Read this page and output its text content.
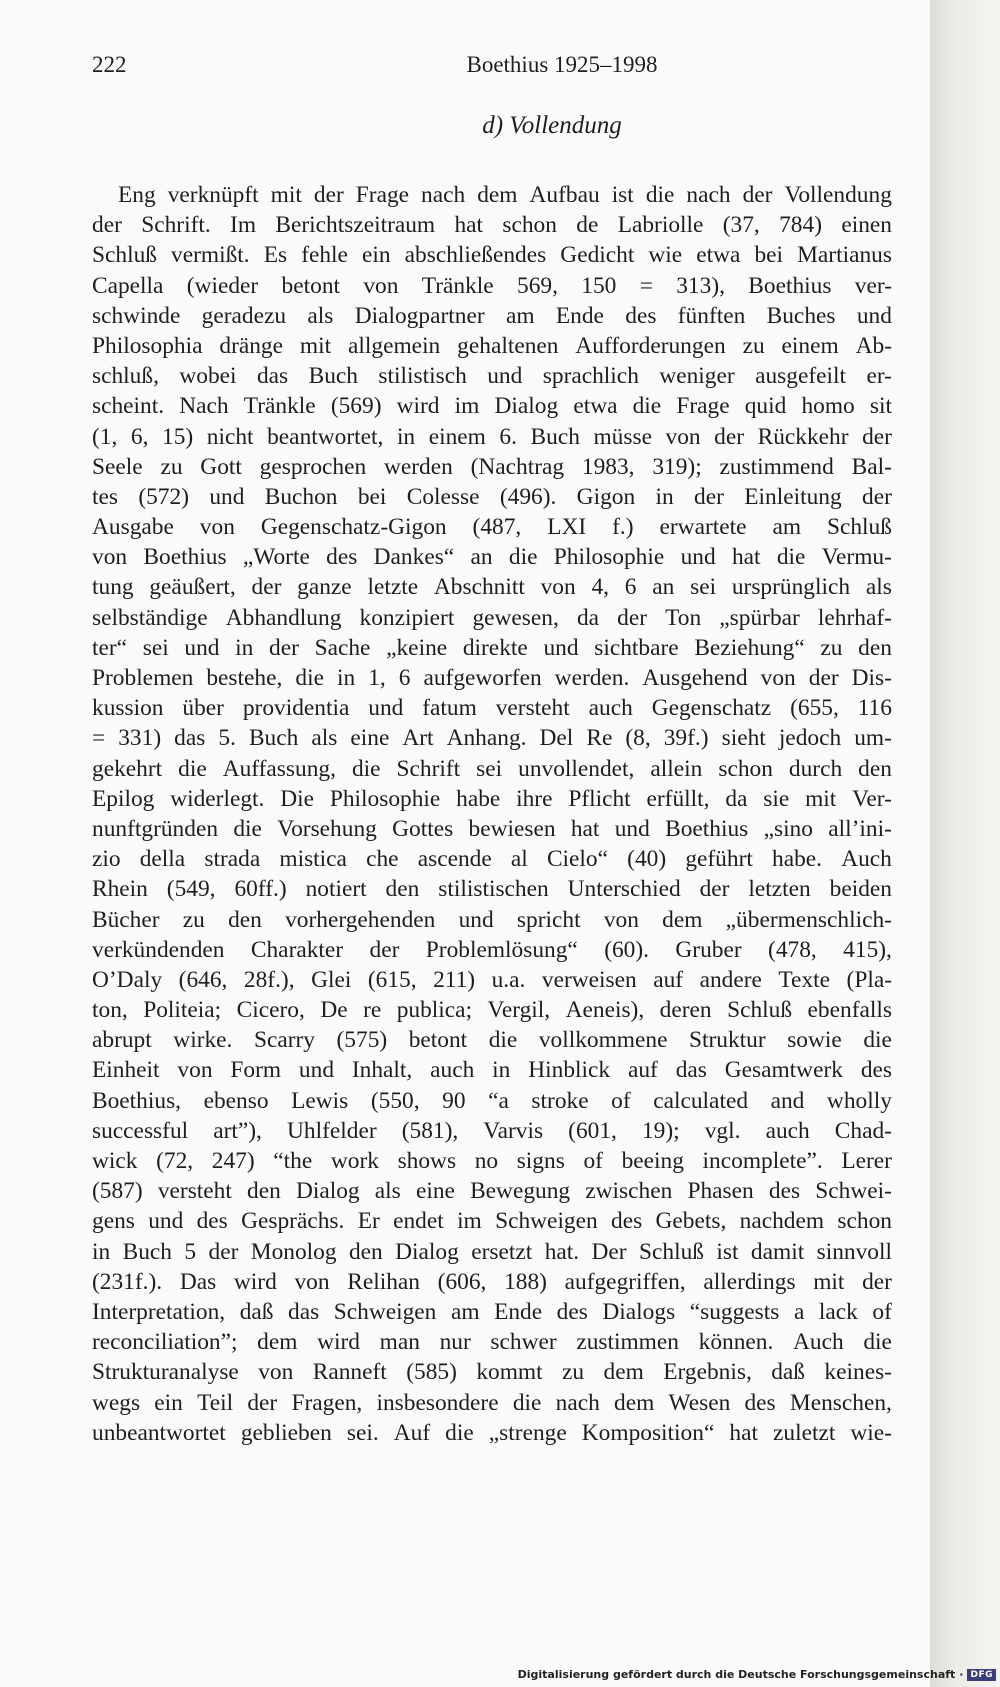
222	Boethius 1925–1998
d) Vollendung
Eng verknüpft mit der Frage nach dem Aufbau ist die nach der Vollendung
der Schrift. Im Berichtszeitraum hat schon de Labriolle (37, 784) einen
Schluß vermißt. Es fehle ein abschließendes Gedicht wie etwa bei Martianus
Capella (wieder betont von Tränkle 569, 150 = 313), Boethius ver-
schwinde geradezu als Dialogpartner am Ende des fünften Buches und
Philosophia dränge mit allgemein gehaltenen Aufforderungen zu einem Ab-
schluß, wobei das Buch stilistisch und sprachlich weniger ausgefeilt er-
scheint. Nach Tränkle (569) wird im Dialog etwa die Frage quid homo sit
(1, 6, 15) nicht beantwortet, in einem 6. Buch müsse von der Rückkehr der
Seele zu Gott gesprochen werden (Nachtrag 1983, 319); zustimmend Bal-
tes (572) und Buchon bei Colesse (496). Gigon in der Einleitung der
Ausgabe von Gegenschatz-Gigon (487, LXI f.) erwartete am Schluß
von Boethius „Worte des Dankes“ an die Philosophie und hat die Vermu-
tung geäußert, der ganze letzte Abschnitt von 4, 6 an sei ursprünglich als
selbständige Abhandlung konzipiert gewesen, da der Ton „spürbar lehrhaf-
ter“ sei und in der Sache „keine direkte und sichtbare Beziehung“ zu den
Problemen bestehe, die in 1, 6 aufgeworfen werden. Ausgehend von der Dis-
kussion über providentia und fatum versteht auch Gegenschatz (655, 116
= 331) das 5. Buch als eine Art Anhang. Del Re (8, 39f.) sieht jedoch um-
gekehrt die Auffassung, die Schrift sei unvollendet, allein schon durch den
Epilog widerlegt. Die Philosophie habe ihre Pflicht erfüllt, da sie mit Ver-
nunftgründen die Vorsehung Gottes bewiesen hat und Boethius „sino all’ini-
zio della strada mistica che ascende al Cielo“ (40) geführt habe. Auch
Rhein (549, 60ff.) notiert den stilistischen Unterschied der letzten beiden
Bücher zu den vorhergehenden und spricht von dem „übermenschlich-
verkündenden Charakter der Problemlösung“ (60). Gruber (478, 415),
O’Daly (646, 28f.), Glei (615, 211) u.a. verweisen auf andere Texte (Pla-
ton, Politeia; Cicero, De re publica; Vergil, Aeneis), deren Schluß ebenfalls
abrupt wirke. Scarry (575) betont die vollkommene Struktur sowie die
Einheit von Form und Inhalt, auch in Hinblick auf das Gesamtwerk des
Boethius, ebenso Lewis (550, 90 “a stroke of calculated and wholly
successful art”), Uhlfelder (581), Varvis (601, 19); vgl. auch Chad-
wick (72, 247) “the work shows no signs of beeing incomplete”. Lerer
(587) versteht den Dialog als eine Bewegung zwischen Phasen des Schwei-
gens und des Gesprächs. Er endet im Schweigen des Gebets, nachdem schon
in Buch 5 der Monolog den Dialog ersetzt hat. Der Schluß ist damit sinnvoll
(231f.). Das wird von Relihan (606, 188) aufgegriffen, allerdings mit der
Interpretation, daß das Schweigen am Ende des Dialogs “suggests a lack of
reconciliation”; dem wird man nur schwer zustimmen können. Auch die
Strukturanalyse von Ranneft (585) kommt zu dem Ergebnis, daß keines-
wegs ein Teil der Fragen, insbesondere die nach dem Wesen des Menschen,
unbeantwortet geblieben sei. Auf die „strenge Komposition“ hat zuletzt wie-
Digitalisierung gefördert durch die Deutsche Forschungsgemeinschaft · DFG
